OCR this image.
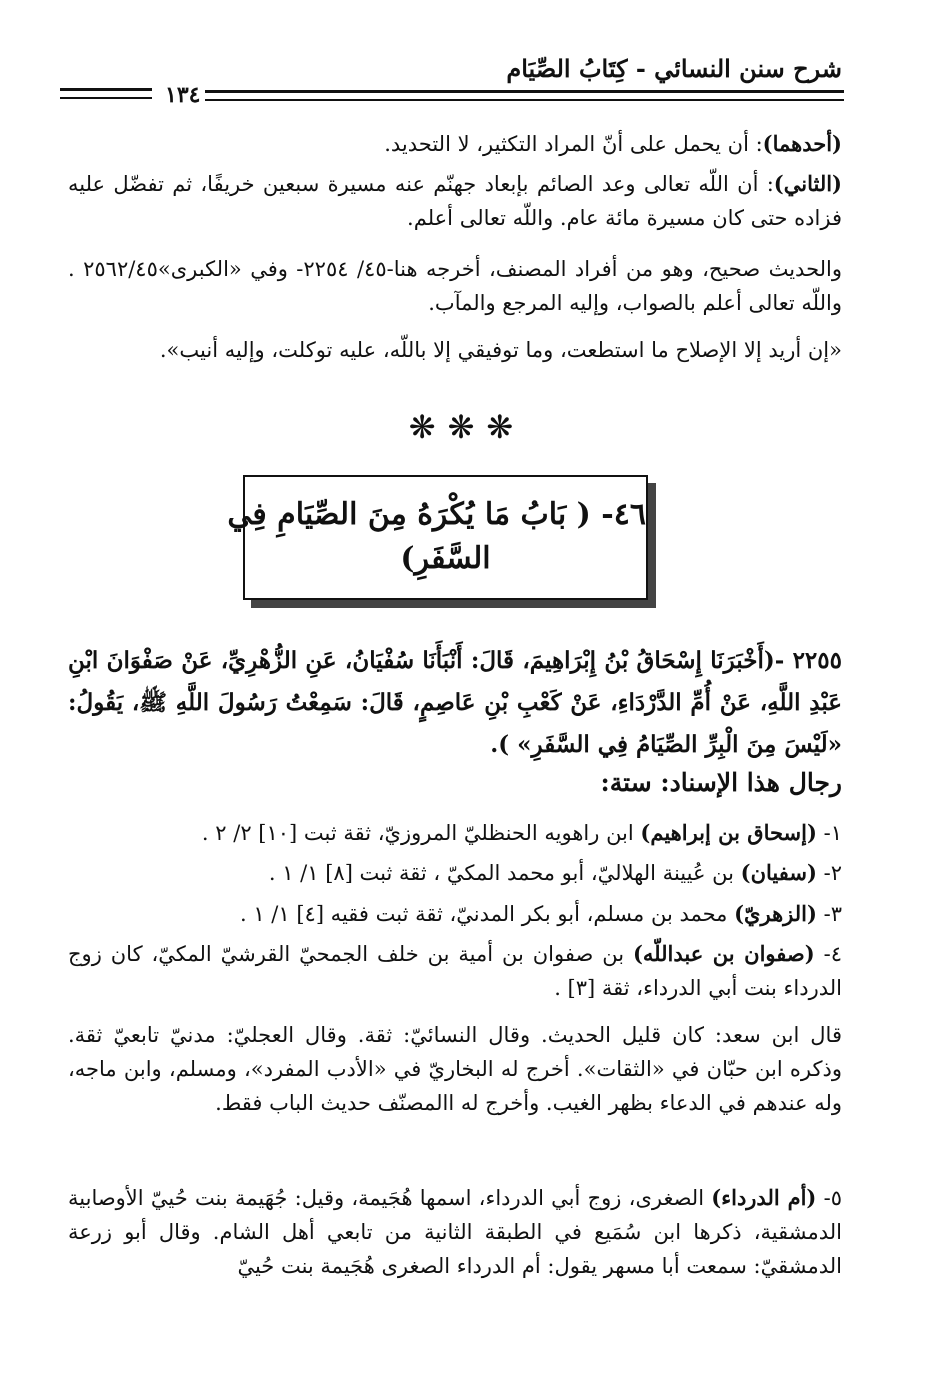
شرح سنن النسائي - كِتَابُ الصِّيَام
١٣٤
(أحدهما): أن يحمل على أنّ المراد التكثير، لا التحديد.
(الثاني): أن اللّه تعالى وعد الصائم بإبعاد جهنّم عنه مسيرة سبعين خريفًا، ثم تفضّل عليه فزاده حتى كان مسيرة مائة عام. واللّه تعالى أعلم.
والحديث صحيح، وهو من أفراد المصنف، أخرجه هنا-٤٥/ ٢٢٥٤- وفي «الكبرى»٢٥٦٢/٤٥ . واللّه تعالى أعلم بالصواب، وإليه المرجع والمآب.
«إن أريد إلا الإصلاح ما استطعت، وما توفيقي إلا باللّه، عليه توكلت، وإليه أنيب».
❋❋❋
٤٦- ( بَابُ مَا يُكْرَهُ مِنَ الصِّيَامِ فِي
السَّفَرِ)
٢٢٥٥ -(أَخْبَرَنَا إِسْحَاقُ بْنُ إِبْرَاهِيمَ، قَالَ: أَنْبَأَنَا سُفْيَانُ، عَنِ الزُّهْرِيِّ، عَنْ صَفْوَانَ ابْنِ عَبْدِ اللَّهِ، عَنْ أُمِّ الدَّرْدَاءِ، عَنْ كَعْبِ بْنِ عَاصِمٍ، قَالَ: سَمِعْتُ رَسُولَ اللَّهِ ﷺ، يَقُولُ: «لَيْسَ مِنَ الْبِرِّ الصِّيَامُ فِي السَّفَرِ» ).
رجال هذا الإسناد: ستة:
١- (إسحاق بن إبراهيم) ابن راهويه الحنظليّ المروزيّ، ثقة ثبت [١٠] ٢/ ٢ .
٢- (سفيان) بن عُيينة الهلاليّ، أبو محمد المكيّ ، ثقة ثبت [٨] ١/ ١ .
٣- (الزهريّ) محمد بن مسلم، أبو بكر المدنيّ، ثقة ثبت فقيه [٤] ١/ ١ .
٤- (صفوان بن عبداللّه) بن صفوان بن أمية بن خلف الجمحيّ القرشيّ المكيّ، كان زوج الدرداء بنت أبي الدرداء، ثقة [٣] .
قال ابن سعد: كان قليل الحديث. وقال النسائيّ: ثقة. وقال العجليّ: مدنيّ تابعيّ ثقة. وذكره ابن حبّان في «الثقات». أخرج له البخاريّ في «الأدب المفرد»، ومسلم، وابن ماجه، وله عندهم في الدعاء بظهر الغيب. وأخرج له االمصنّف حديث الباب فقط.
٥- (أم الدرداء) الصغرى، زوج أبي الدرداء، اسمها هُجَيمة، وقيل: جُهَيمة بنت حُييّ الأوصابية الدمشقية، ذكرها ابن سُمَيع في الطبقة الثانية من تابعي أهل الشام. وقال أبو زرعة الدمشقيّ: سمعت أبا مسهر يقول: أم الدرداء الصغرى هُجَيمة بنت حُييّ
